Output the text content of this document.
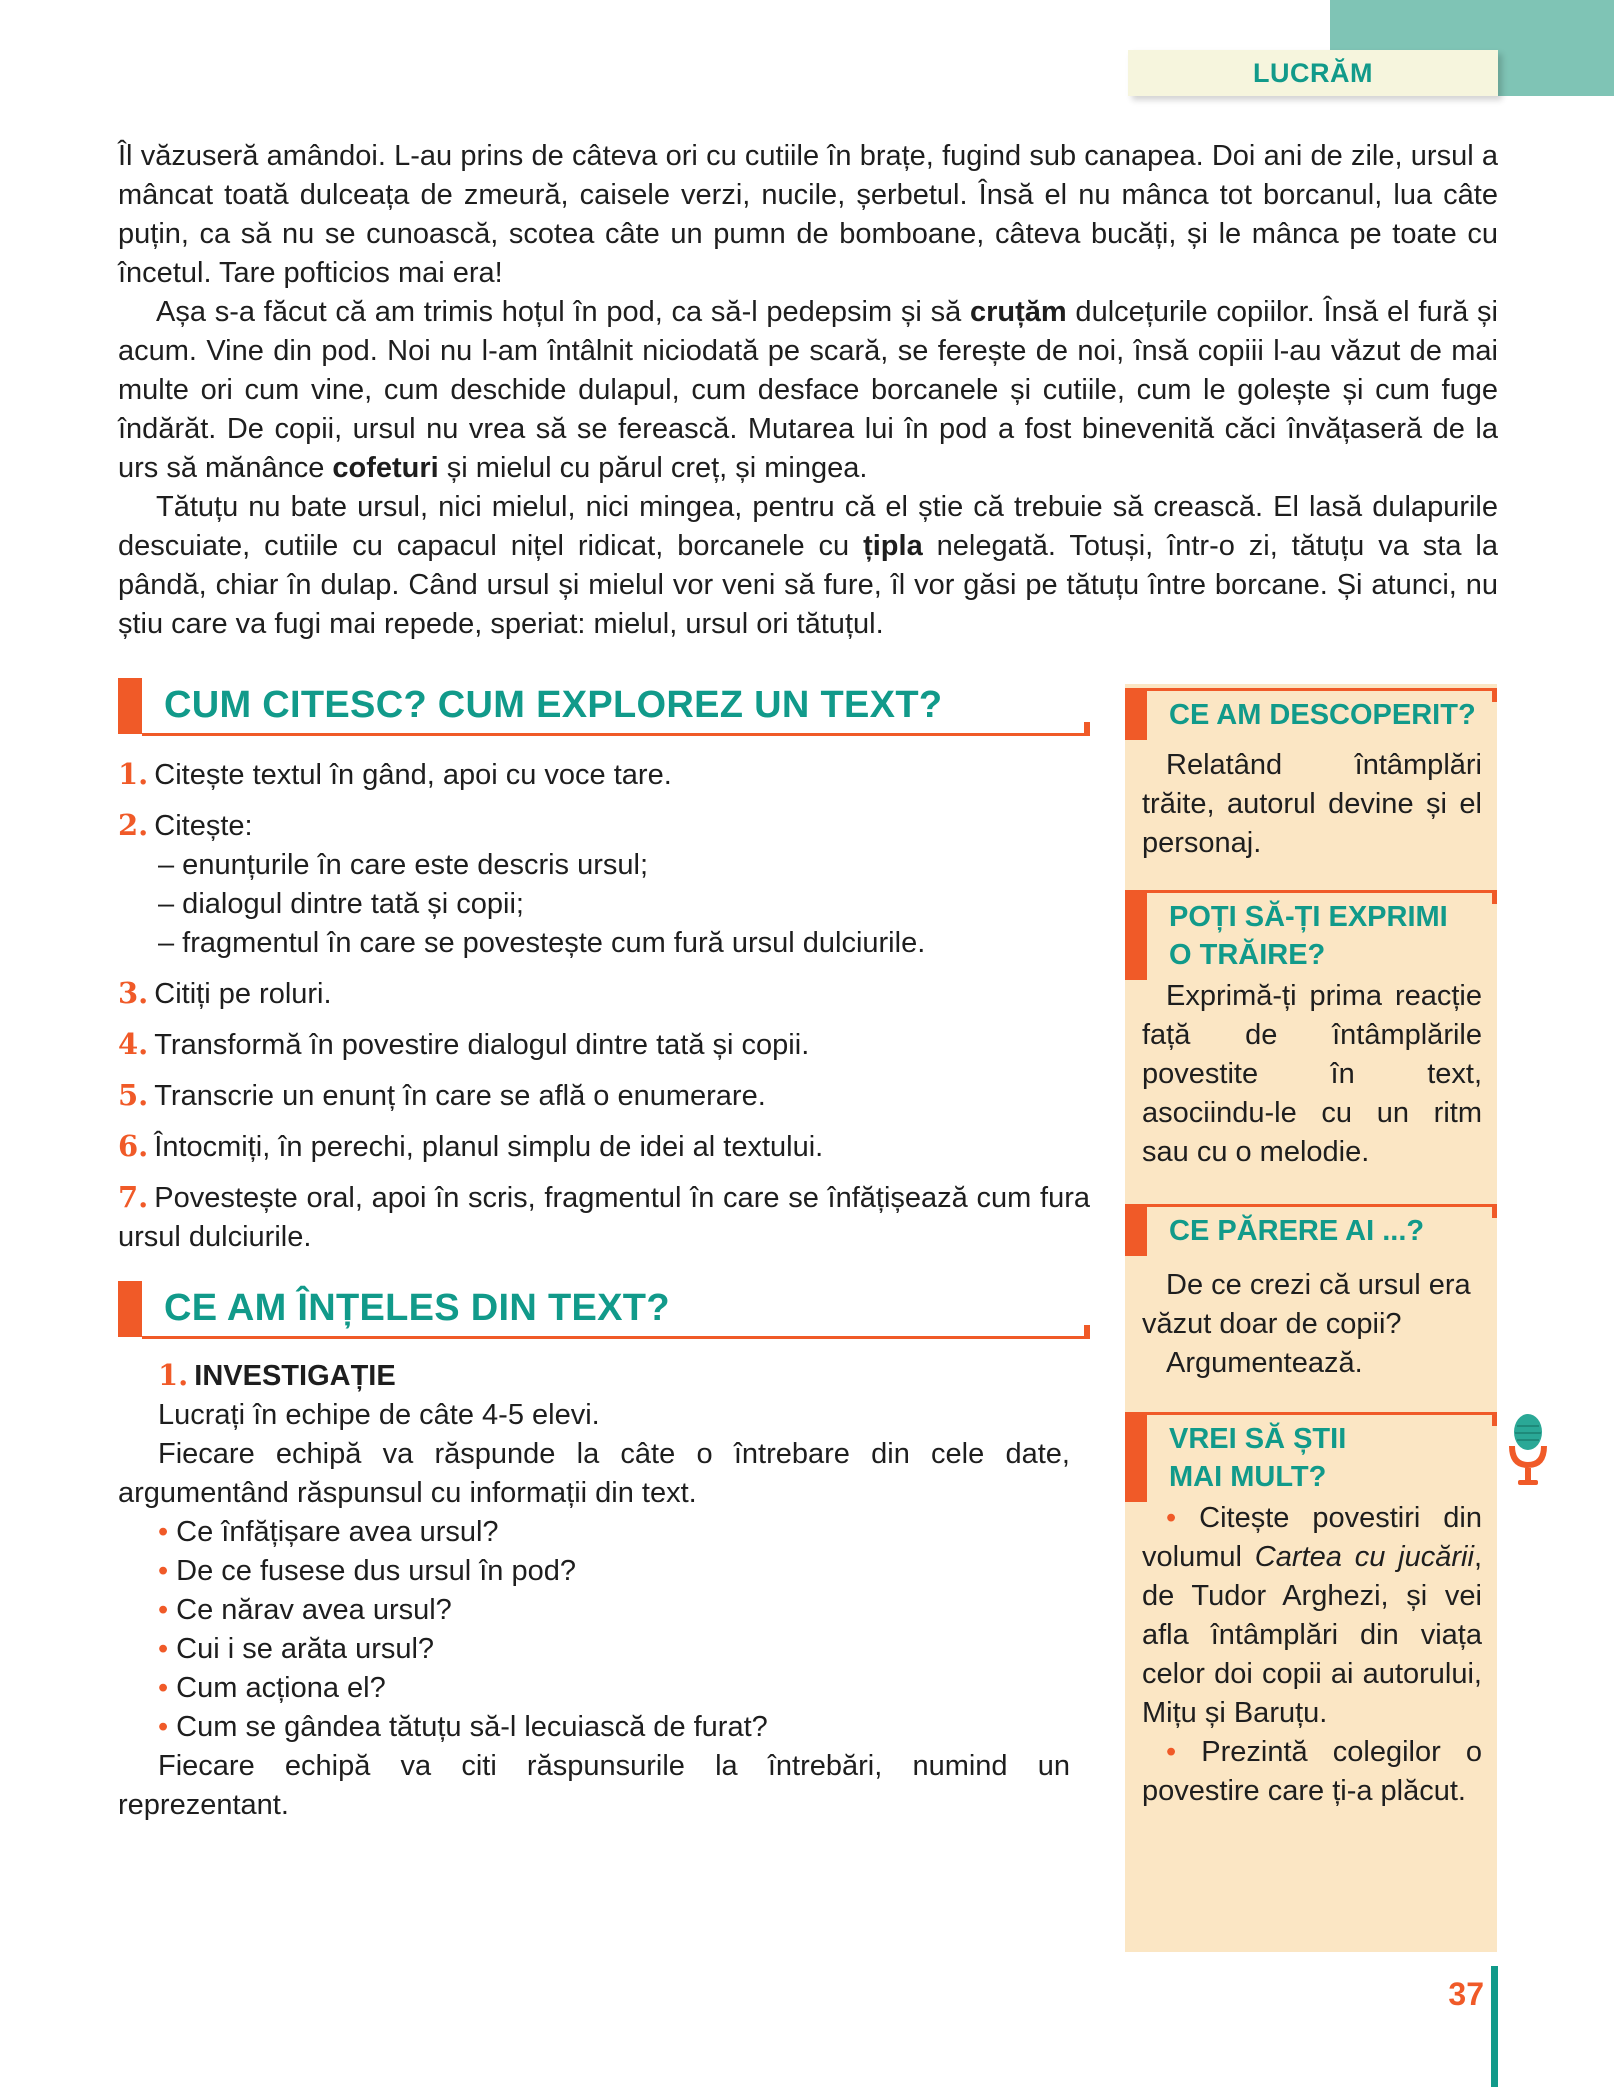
LUCRĂM

Îl văzuseră amândoi. L-au prins de câteva ori cu cutiile în brațe, fugind sub canapea. Doi ani de zile, ursul a mâncat toată dulceața de zmeură, caisele verzi, nucile, șerbetul. Însă el nu mânca tot borcanul, lua câte puțin, ca să nu se cunoască, scotea câte un pumn de bomboane, câteva bucăți, și le mânca pe toate cu încetul. Tare pofticios mai era!

Așa s-a făcut că am trimis hoțul în pod, ca să-l pedepsim și să cruțăm dulcețurile copiilor. Însă el fură și acum. Vine din pod. Noi nu l-am întâlnit niciodată pe scară, se ferește de noi, însă copiii l-au văzut de mai multe ori cum vine, cum deschide dulapul, cum desface borcanele și cutiile, cum le golește și cum fuge îndărăt. De copii, ursul nu vrea să se ferească. Mutarea lui în pod a fost binevenită căci învățaseră de la urs să mănânce cofeturi și mielul cu părul creț, și mingea.

Tătuțu nu bate ursul, nici mielul, nici mingea, pentru că el știe că trebuie să crească. El lasă dulapurile descuiate, cutiile cu capacul nițel ridicat, borcanele cu țipla nelegată. Totuși, într-o zi, tătuțu va sta la pândă, chiar în dulap. Când ursul și mielul vor veni să fure, îl vor găsi pe tătuțu între borcane. Și atunci, nu știu care va fugi mai repede, speriat: mielul, ursul ori tătuțul.

CUM CITESC? CUM EXPLOREZ UN TEXT?
1. Citește textul în gând, apoi cu voce tare.
2. Citește:
– enunțurile în care este descris ursul;
– dialogul dintre tată și copii;
– fragmentul în care se povestește cum fură ursul dulciurile.
3. Citiți pe roluri.
4. Transformă în povestire dialogul dintre tată și copii.
5. Transcrie un enunț în care se află o enumerare.
6. Întocmiți, în perechi, planul simplu de idei al textului.
7. Povestește oral, apoi în scris, fragmentul în care se înfățișează cum fura ursul dulciurile.
CE AM ÎNȚELES DIN TEXT?
1. INVESTIGAȚIE
Lucrați în echipe de câte 4-5 elevi.
Fiecare echipă va răspunde la câte o întrebare din cele date, argumentând răspunsul cu informații din text.
• Ce înfățișare avea ursul?
• De ce fusese dus ursul în pod?
• Ce nărav avea ursul?
• Cui i se arăta ursul?
• Cum acționa el?
• Cum se gândea tătuțu să-l lecuiască de furat?
Fiecare echipă va citi răspunsurile la întrebări, numind un reprezentant.
CE AM DESCOPERIT?
Relatând întâmplări trăite, autorul devine și el personaj.
POȚI SĂ-ȚI EXPRIMI
O TRĂIRE?
Exprimă-ți prima reacție față de întâmplările povestite în text, asociindu-le cu un ritm sau cu o melodie.
CE PĂRERE AI ...?
De ce crezi că ursul era văzut doar de copii?
Argumentează.
VREI SĂ ȘTII
MAI MULT?
• Citește povestiri din volumul Cartea cu jucării, de Tudor Arghezi, și vei afla întâmplări din viața celor doi copii ai autorului, Mițu și Baruțu.
• Prezintă colegilor o povestire care ți-a plăcut.
37
